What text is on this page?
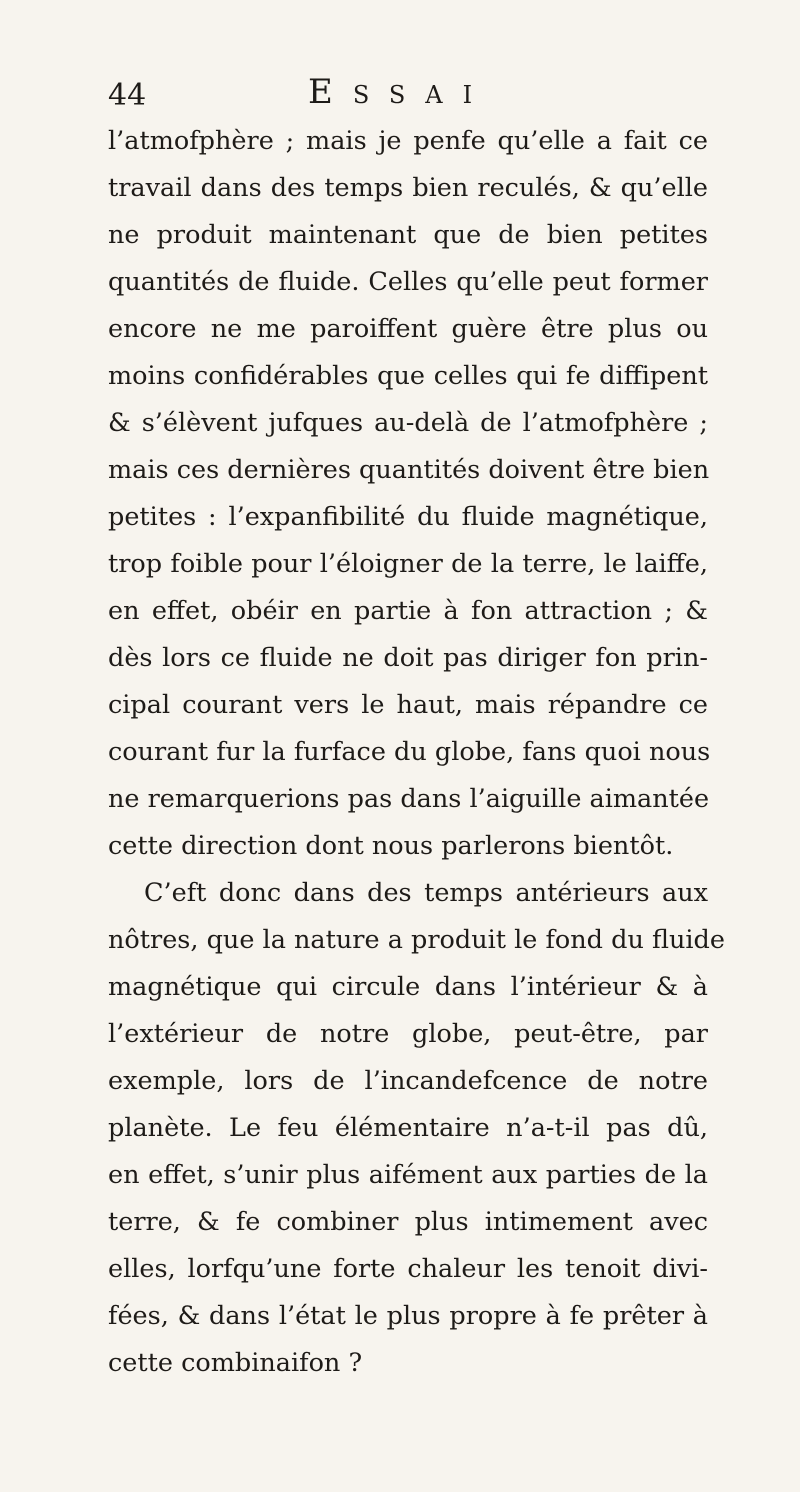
44	Essai
l’atmofphère ; mais je penfe qu’elle a fait ce
travail dans des temps bien reculés, & qu’elle
ne produit maintenant que de bien petites
quantités de fluide. Celles qu’elle peut former
encore ne me paroiffent guère être plus ou
moins confidérables que celles qui fe diffipent
& s’élèvent jufques au-delà de l’atmofphère ;
mais ces dernières quantités doivent être bien
petites : l’expanfibilité du fluide magnétique,
trop foible pour l’éloigner de la terre, le laiffe,
en effet, obéir en partie à fon attraction ; &
dès lors ce fluide ne doit pas diriger fon prin-
cipal courant vers le haut, mais répandre ce
courant fur la furface du globe, fans quoi nous
ne remarquerions pas dans l’aiguille aimantée
cette direction dont nous parlerons bientôt.
C’eft donc dans des temps antérieurs aux
nôtres, que la nature a produit le fond du fluide
magnétique qui circule dans l’intérieur & à
l’extérieur de notre globe, peut-être, par
exemple, lors de l’incandefcence de notre
planète. Le feu élémentaire n’a-t-il pas dû,
en effet, s’unir plus aifément aux parties de la
terre, & fe combiner plus intimement avec
elles, lorfqu’une forte chaleur les tenoit divi-
fées, & dans l’état le plus propre à fe prêter à
cette combinaifon ?
